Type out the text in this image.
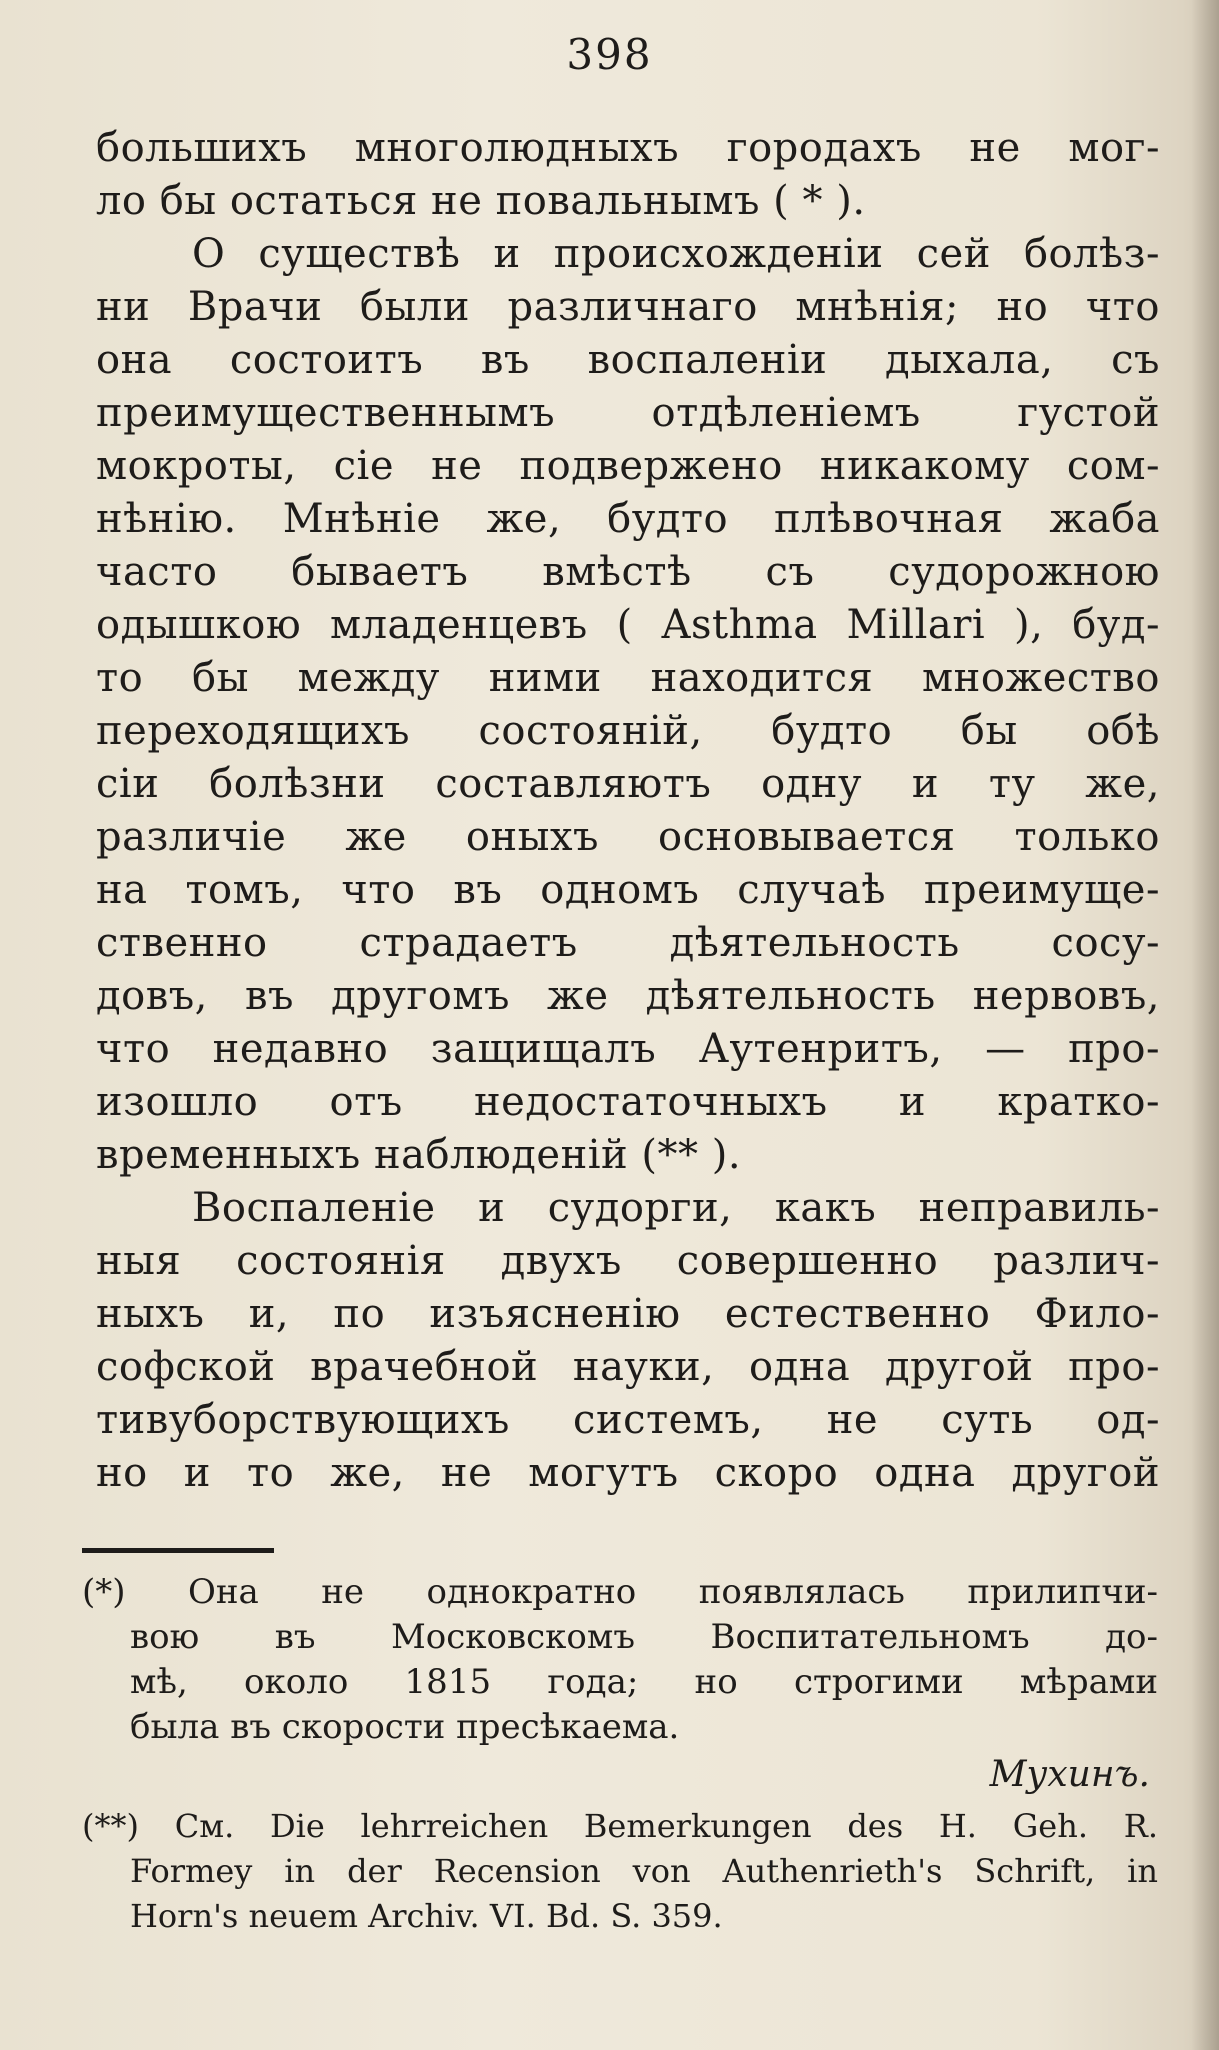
398
большихъ многолюдныхъ городахъ не мог-
ло бы остаться не повальнымъ ( * ).
О существѣ и происхожденіи сей болѣз-
ни Врачи были различнаго мнѣнія; но что
она состоитъ въ воспаленіи дыхала, съ
преимущественнымъ отдѣленіемъ густой
мокроты, сіе не подвержено никакому сом-
нѣнію. Мнѣніе же, будто плѣвочная жаба
часто бываетъ вмѣстѣ съ судорожною
одышкою младенцевъ ( Asthma Millari ), буд-
то бы между ними находится множество
переходящихъ состояній, будто бы обѣ
сіи болѣзни составляютъ одну и ту же,
различіе же оныхъ основывается только
на томъ, что въ одномъ случаѣ преимуще-
ственно страдаетъ дѣятельность сосу-
довъ, въ другомъ же дѣятельность нервовъ,
что недавно защищалъ Аутенритъ, — про-
изошло отъ недостаточныхъ и кратко-
временныхъ наблюденій (** ).
Воспаленіе и судорги, какъ неправиль-
ныя состоянія двухъ совершенно различ-
ныхъ и, по изъясненію естественно Фило-
софской врачебной науки, одна другой про-
тивуборствующихъ системъ, не суть од-
но и то же, не могутъ скоро одна другой
(*) Она не однократно появлялась прилипчи-
вою въ Московскомъ Воспитательномъ до-
мѣ, около 1815 года; но строгими мѣрами
была въ скорости пресѣкаема.
Мухинъ.
(**) См. Die lehrreichen Bemerkungen des H. Geh. R.
Formey in der Recension von Authenrieth's Schrift, in
Horn's neuem Archiv. VI. Bd. S. 359.
